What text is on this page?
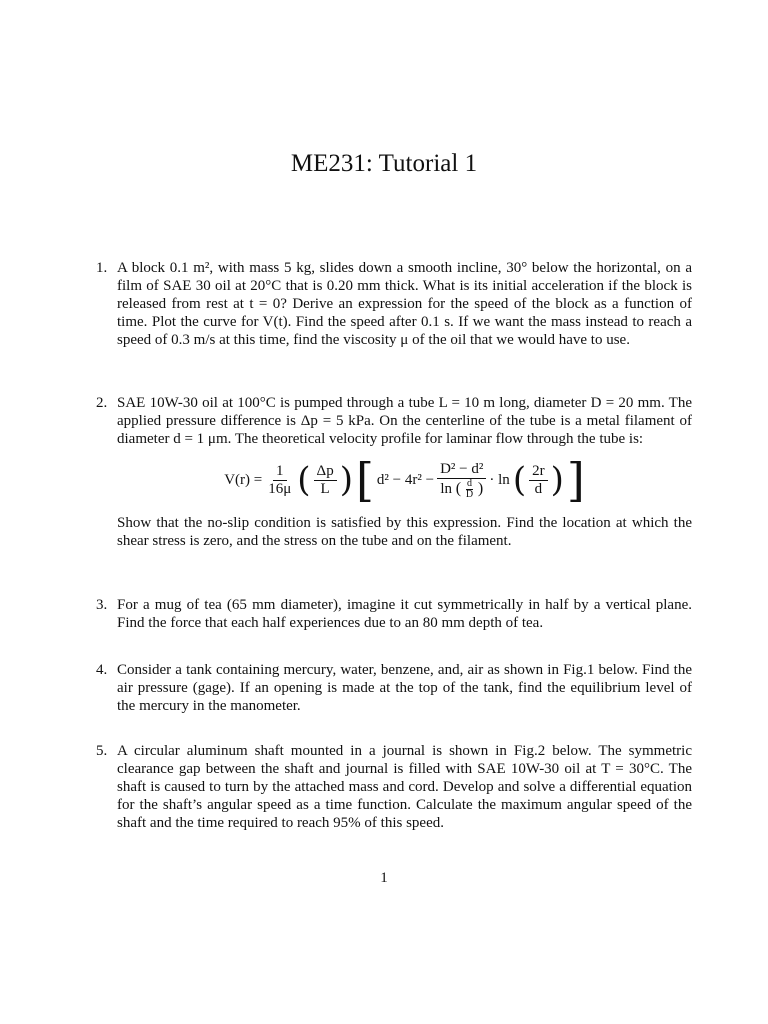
ME231: Tutorial 1
1. A block 0.1 m², with mass 5 kg, slides down a smooth incline, 30° below the horizontal, on a film of SAE 30 oil at 20°C that is 0.20 mm thick. What is its initial acceleration if the block is released from rest at t = 0? Derive an expression for the speed of the block as a function of time. Plot the curve for V(t). Find the speed after 0.1 s. If we want the mass instead to reach a speed of 0.3 m/s at this time, find the viscosity μ of the oil that we would have to use.
2. SAE 10W-30 oil at 100°C is pumped through a tube L = 10 m long, diameter D = 20 mm. The applied pressure difference is Δp = 5 kPa. On the centerline of the tube is a metal filament of diameter d = 1 μm. The theoretical velocity profile for laminar flow through the tube is:
$V(r) = \frac{1}{16\mu}$ ( $\frac{\Delta p}{L}$ ) [ d² − 4r² −
D² − d²
ln ( $\frac{d}{D}$ ) · ln ( $\frac{2r}{d}$ ) ]
Show that the no-slip condition is satisfied by this expression. Find the location at which the shear stress is zero, and the stress on the tube and on the filament.
3. For a mug of tea (65 mm diameter), imagine it cut symmetrically in half by a vertical plane. Find the force that each half experiences due to an 80 mm depth of tea.
4. Consider a tank containing mercury, water, benzene, and, air as shown in Fig.1 below. Find the air pressure (gage). If an opening is made at the top of the tank, find the equilibrium level of the mercury in the manometer.
5. A circular aluminum shaft mounted in a journal is shown in Fig.2 below. The symmetric clearance gap between the shaft and journal is filled with SAE 10W-30 oil at T = 30°C. The shaft is caused to turn by the attached mass and cord. Develop and solve a differential equation for the shaft’s angular speed as a time function. Calculate the maximum angular speed of the shaft and the time required to reach 95% of this speed.
1
